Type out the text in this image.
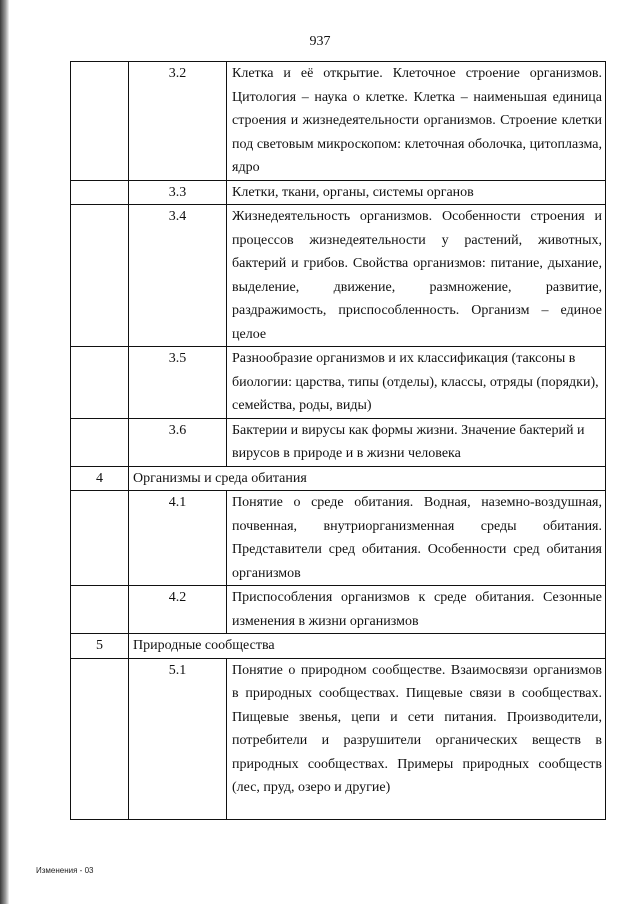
937
	3.2	Клетка и её открытие. Клеточное строение организмов. Цитология – наука о клетке. Клетка – наименьшая единица строения и жизнедеятельности организмов. Строение клетки под световым микроскопом: клеточная оболочка, цитоплазма, ядро
	3.3	Клетки, ткани, органы, системы органов
	3.4	Жизнедеятельность организмов. Особенности строения и процессов жизнедеятельности у растений, животных, бактерий и грибов. Свойства организмов: питание, дыхание, выделение, движение, размножение, развитие, раздражимость, приспособленность. Организм – единое целое
	3.5	Разнообразие организмов и их классификация (таксоны в биологии: царства, типы (отделы), классы, отряды (порядки), семейства, роды, виды)
	3.6	Бактерии и вирусы как формы жизни. Значение бактерий и вирусов в природе и в жизни человека
4	Организмы и среда обитания	
	4.1	Понятие о среде обитания. Водная, наземно-воздушная, почвенная, внутриорганизменная среды обитания. Представители сред обитания. Особенности сред обитания организмов
	4.2	Приспособления организмов к среде обитания. Сезонные изменения в жизни организмов
5	Природные сообщества	
	5.1	Понятие о природном сообществе. Взаимосвязи организмов в природных сообществах. Пищевые связи в сообществах. Пищевые звенья, цепи и сети питания. Производители, потребители и разрушители органических веществ в природных сообществах. Примеры природных сообществ (лес, пруд, озеро и другие)
Изменения - 03
